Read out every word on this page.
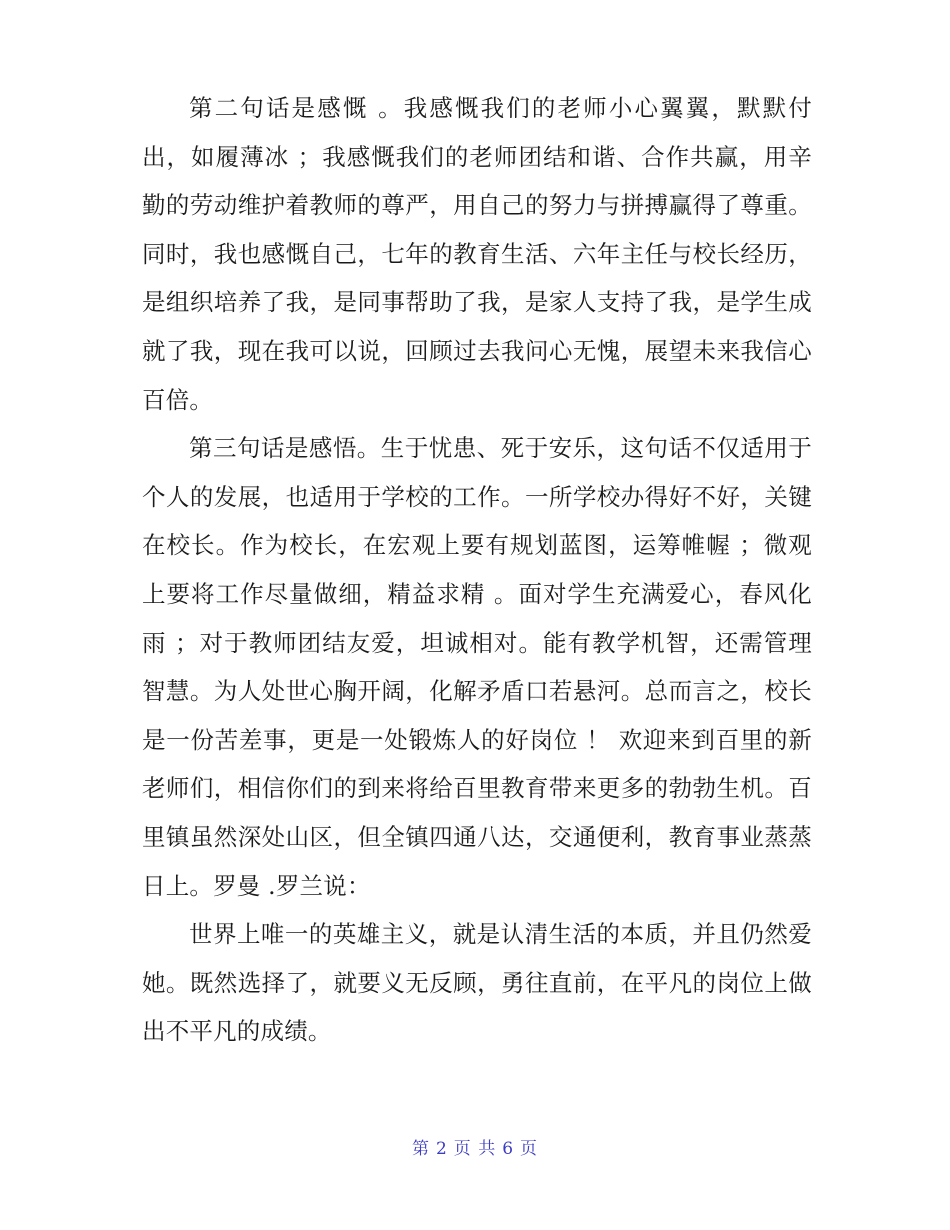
第二句话是感慨 。我感慨我们的老师小心翼翼，默默付出，如履薄冰 ；我感慨我们的老师团结和谐、合作共赢，用辛勤的劳动维护着教师的尊严，用自己的努力与拼搏赢得了尊重。同时，我也感慨自己，七年的教育生活、六年主任与校长经历，是组织培养了我，是同事帮助了我，是家人支持了我，是学生成就了我，现在我可以说，回顾过去我问心无愧，展望未来我信心百倍。

第三句话是感悟。生于忧患、死于安乐，这句话不仅适用于个人的发展，也适用于学校的工作。一所学校办得好不好，关键在校长。作为校长，在宏观上要有规划蓝图，运筹帷幄 ；微观上要将工作尽量做细，精益求精 。面对学生充满爱心，春风化雨 ；对于教师团结友爱，坦诚相对。能有教学机智，还需管理智慧。为人处世心胸开阔，化解矛盾口若悬河。总而言之，校长是一份苦差事，更是一处锻炼人的好岗位 ！ 欢迎来到百里的新老师们，相信你们的到来将给百里教育带来更多的勃勃生机。百里镇虽然深处山区，但全镇四通八达，交通便利，教育事业蒸蒸日上。罗曼 .罗兰说：

世界上唯一的英雄主义，就是认清生活的本质，并且仍然爱她。既然选择了，就要义无反顾，勇往直前，在平凡的岗位上做出不平凡的成绩。

第 2 页 共 6 页
